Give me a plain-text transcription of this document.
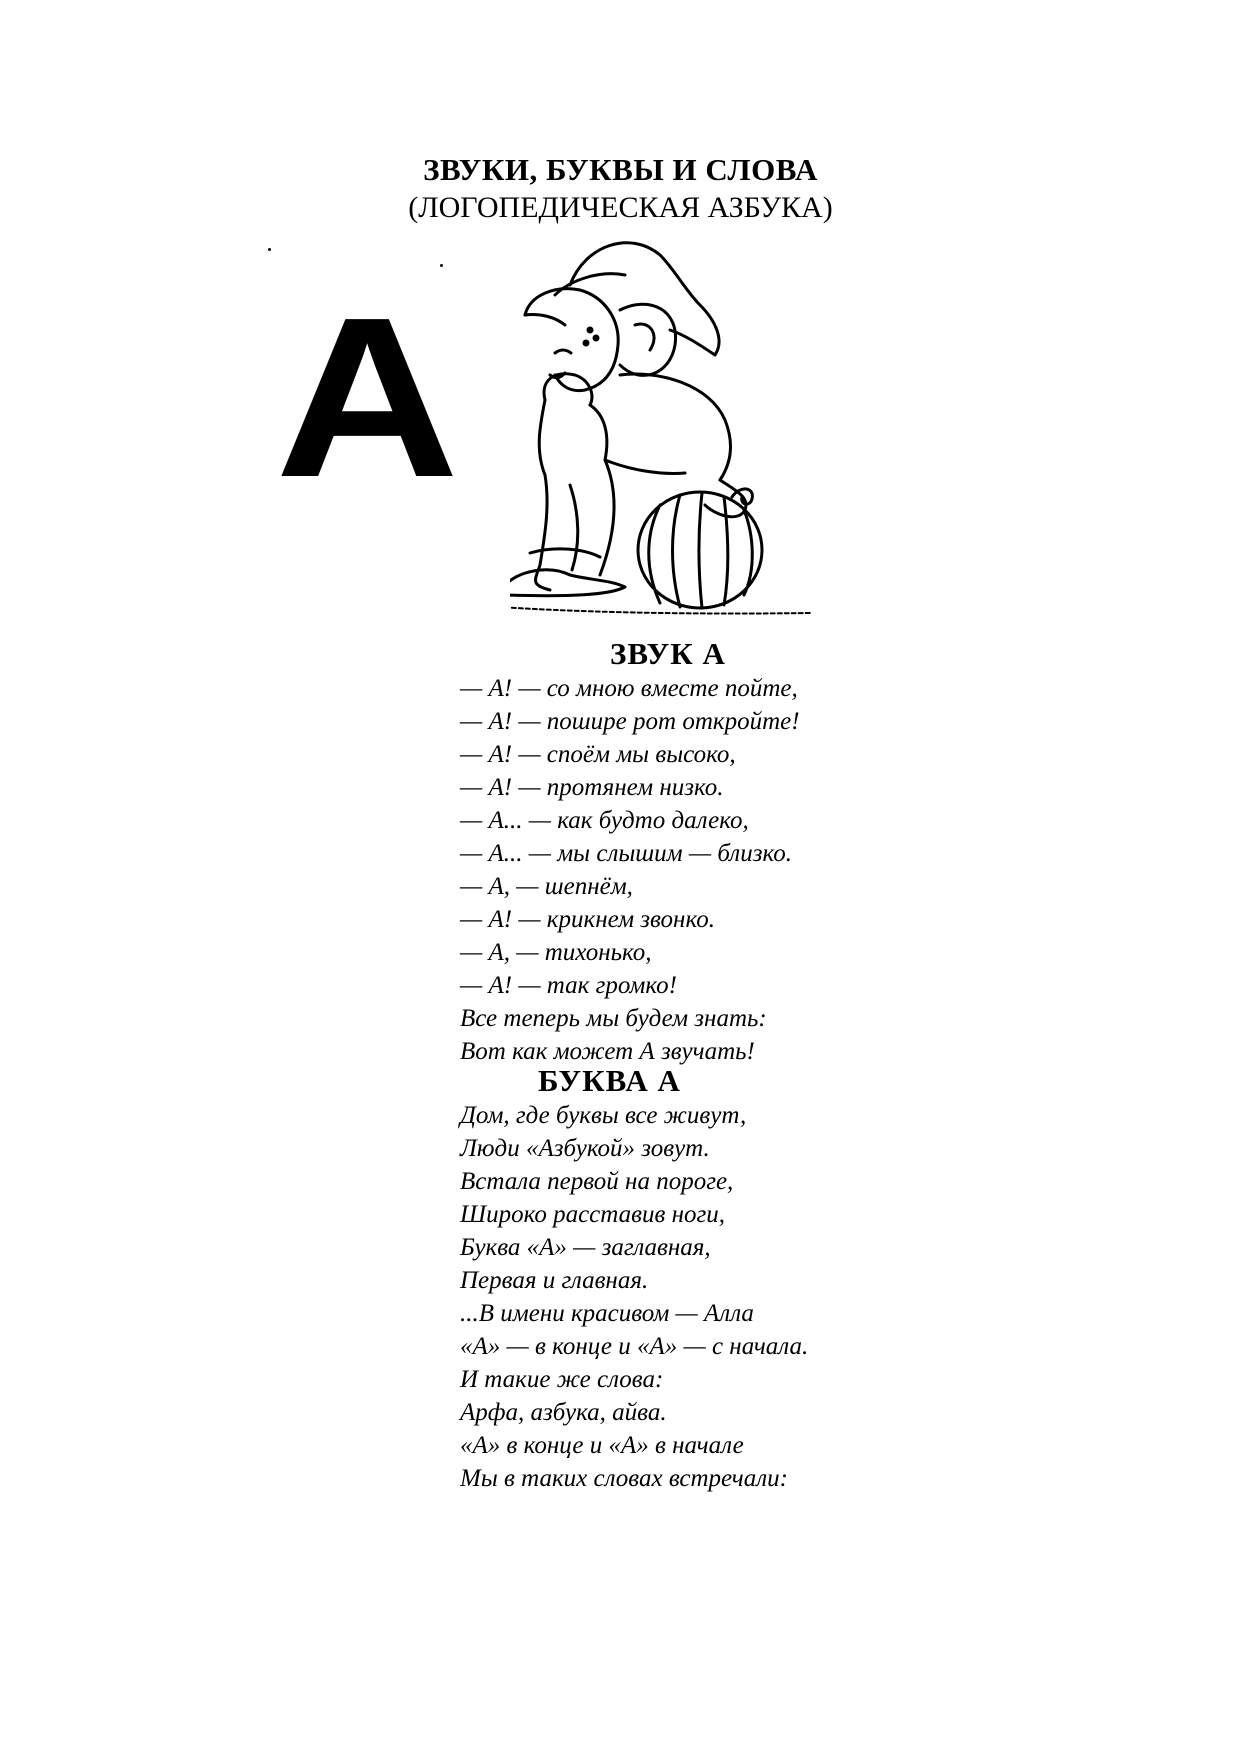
ЗВУКИ, БУКВЫ И СЛОВА
(ЛОГОПЕДИЧЕСКАЯ АЗБУКА)
А
ЗВУК А
— А! — со мною вместе пойте,
— А! — пошире рот откройте!
— А! — споём мы высоко,
— А! — протянем низко.
— А... — как будто далеко,
— А... — мы слышим — близко.
— А, — шепнём,
— А! — крикнем звонко.
— А, — тихонько,
— А! — так громко!
Все теперь мы будем знать:
Вот как может А звучать!
БУКВА А
Дом, где буквы все живут,
Люди «Азбукой» зовут.
Встала первой на пороге,
Широко расставив ноги,
Буква «А» — заглавная,
Первая и главная.
...В имени красивом — Алла
«А» — в конце и «А» — с начала.
И такие же слова:
Арфа, азбука, айва.
«А» в конце и «А» в начале
Мы в таких словах встречали:
